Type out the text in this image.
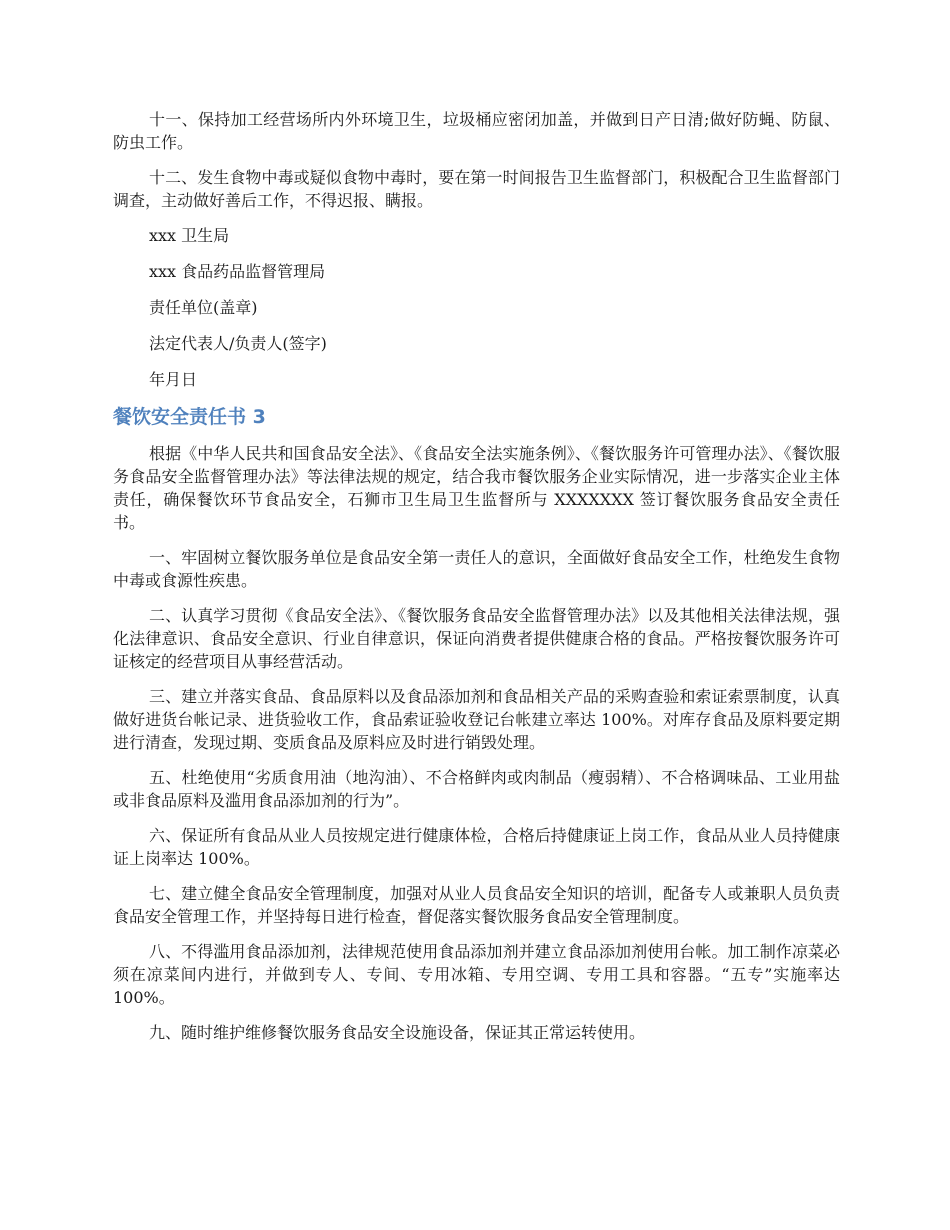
十一、保持加工经营场所内外环境卫生，垃圾桶应密闭加盖，并做到日产日清;做好防蝇、防鼠、防虫工作。

十二、发生食物中毒或疑似食物中毒时，要在第一时间报告卫生监督部门，积极配合卫生监督部门调查，主动做好善后工作，不得迟报、瞒报。

xxx 卫生局

xxx 食品药品监督管理局

责任单位(盖章)

法定代表人/负责人(签字)

年月日

餐饮安全责任书 3

根据《中华人民共和国食品安全法》、《食品安全法实施条例》、《餐饮服务许可管理办法》、《餐饮服务食品安全监督管理办法》等法律法规的规定，结合我市餐饮服务企业实际情况，进一步落实企业主体责任，确保餐饮环节食品安全，石狮市卫生局卫生监督所与 XXXXXXX 签订餐饮服务食品安全责任书。

一、牢固树立餐饮服务单位是食品安全第一责任人的意识，全面做好食品安全工作，杜绝发生食物中毒或食源性疾患。

二、认真学习贯彻《食品安全法》、《餐饮服务食品安全监督管理办法》以及其他相关法律法规，强化法律意识、食品安全意识、行业自律意识，保证向消费者提供健康合格的食品。严格按餐饮服务许可证核定的经营项目从事经营活动。

三、建立并落实食品、食品原料以及食品添加剂和食品相关产品的采购查验和索证索票制度，认真做好进货台帐记录、进货验收工作，食品索证验收登记台帐建立率达 100%。对库存食品及原料要定期进行清查，发现过期、变质食品及原料应及时进行销毁处理。

五、杜绝使用“劣质食用油（地沟油）、不合格鲜肉或肉制品（瘦弱精）、不合格调味品、工业用盐或非食品原料及滥用食品添加剂的行为”。

六、保证所有食品从业人员按规定进行健康体检，合格后持健康证上岗工作，食品从业人员持健康证上岗率达 100%。

七、建立健全食品安全管理制度，加强对从业人员食品安全知识的培训，配备专人或兼职人员负责食品安全管理工作，并坚持每日进行检查，督促落实餐饮服务食品安全管理制度。

八、不得滥用食品添加剂，法律规范使用食品添加剂并建立食品添加剂使用台帐。加工制作凉菜必须在凉菜间内进行，并做到专人、专间、专用冰箱、专用空调、专用工具和容器。“五专”实施率达 100%。

九、随时维护维修餐饮服务食品安全设施设备，保证其正常运转使用。
